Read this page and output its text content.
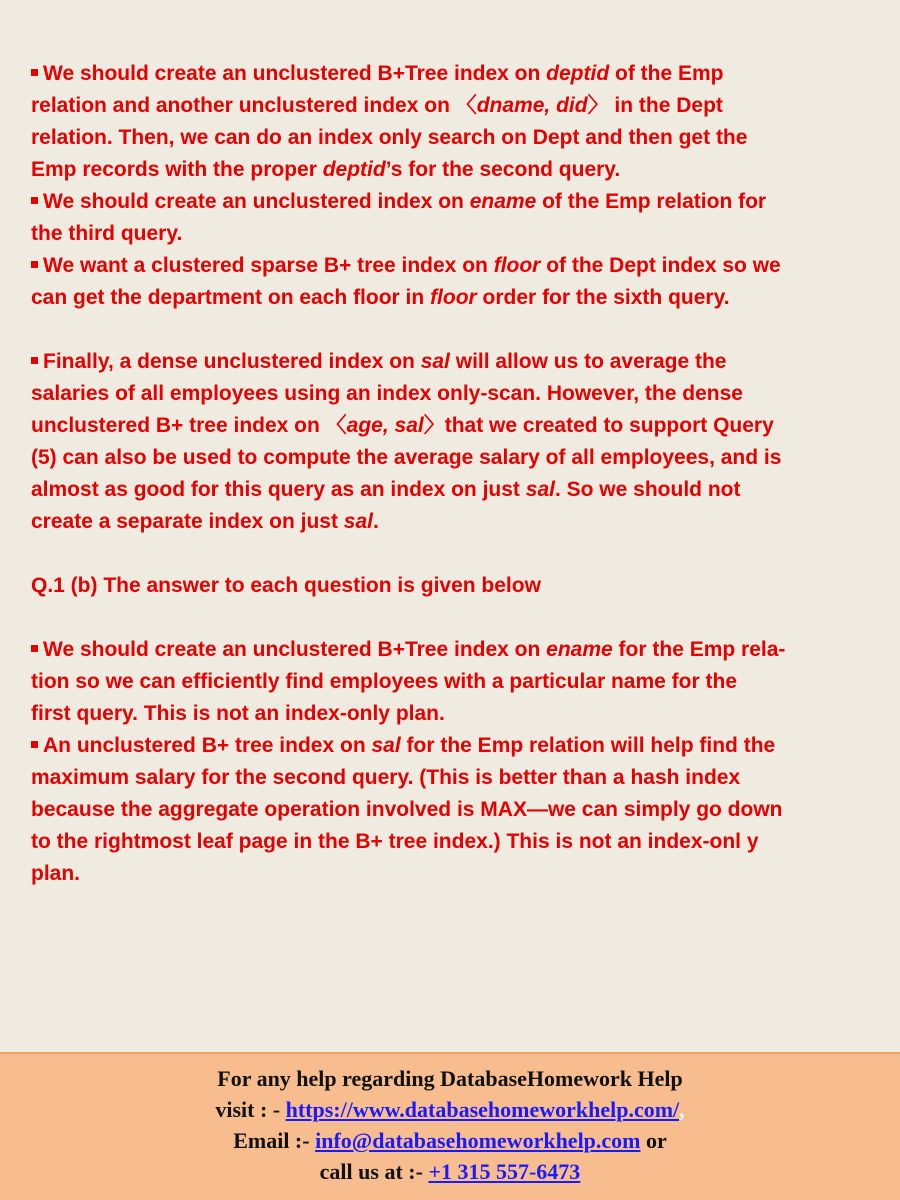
We should create an unclustered B+Tree index on deptid of the Emp
relation and another unclustered index on 〈dname, did〉 in the Dept
relation. Then, we can do an index only search on Dept and then get the
Emp records with the proper deptid’s for the second query.
We should create an unclustered index on ename of the Emp relation for
the third query.
We want a clustered sparse B+ tree index on floor of the Dept index so we
can get the department on each floor in floor order for the sixth query.
Finally, a dense unclustered index on sal will allow us to average the
salaries of all employees using an index only-scan. However, the dense
unclustered B+ tree index on 〈age, sal〉that we created to support Query
(5) can also be used to compute the average salary of all employees, and is
almost as good for this query as an index on just sal. So we should not
create a separate index on just sal.
Q.1 (b) The answer to each question is given below
We should create an unclustered B+Tree index on ename for the Emp rela-
tion so we can efficiently find employees with a particular name for the
first query. This is not an index-only plan.
An unclustered B+ tree index on sal for the Emp relation will help find the
maximum salary for the second query. (This is better than a hash index
because the aggregate operation involved is MAX—we can simply go down
to the rightmost leaf page in the B+ tree index.) This is not an index-onl y
plan.
For any help regarding DatabaseHomework Help
visit : - https://www.databasehomeworkhelp.com/,
Email :- info@databasehomeworkhelp.com or
call us at :- +1 315 557-6473
